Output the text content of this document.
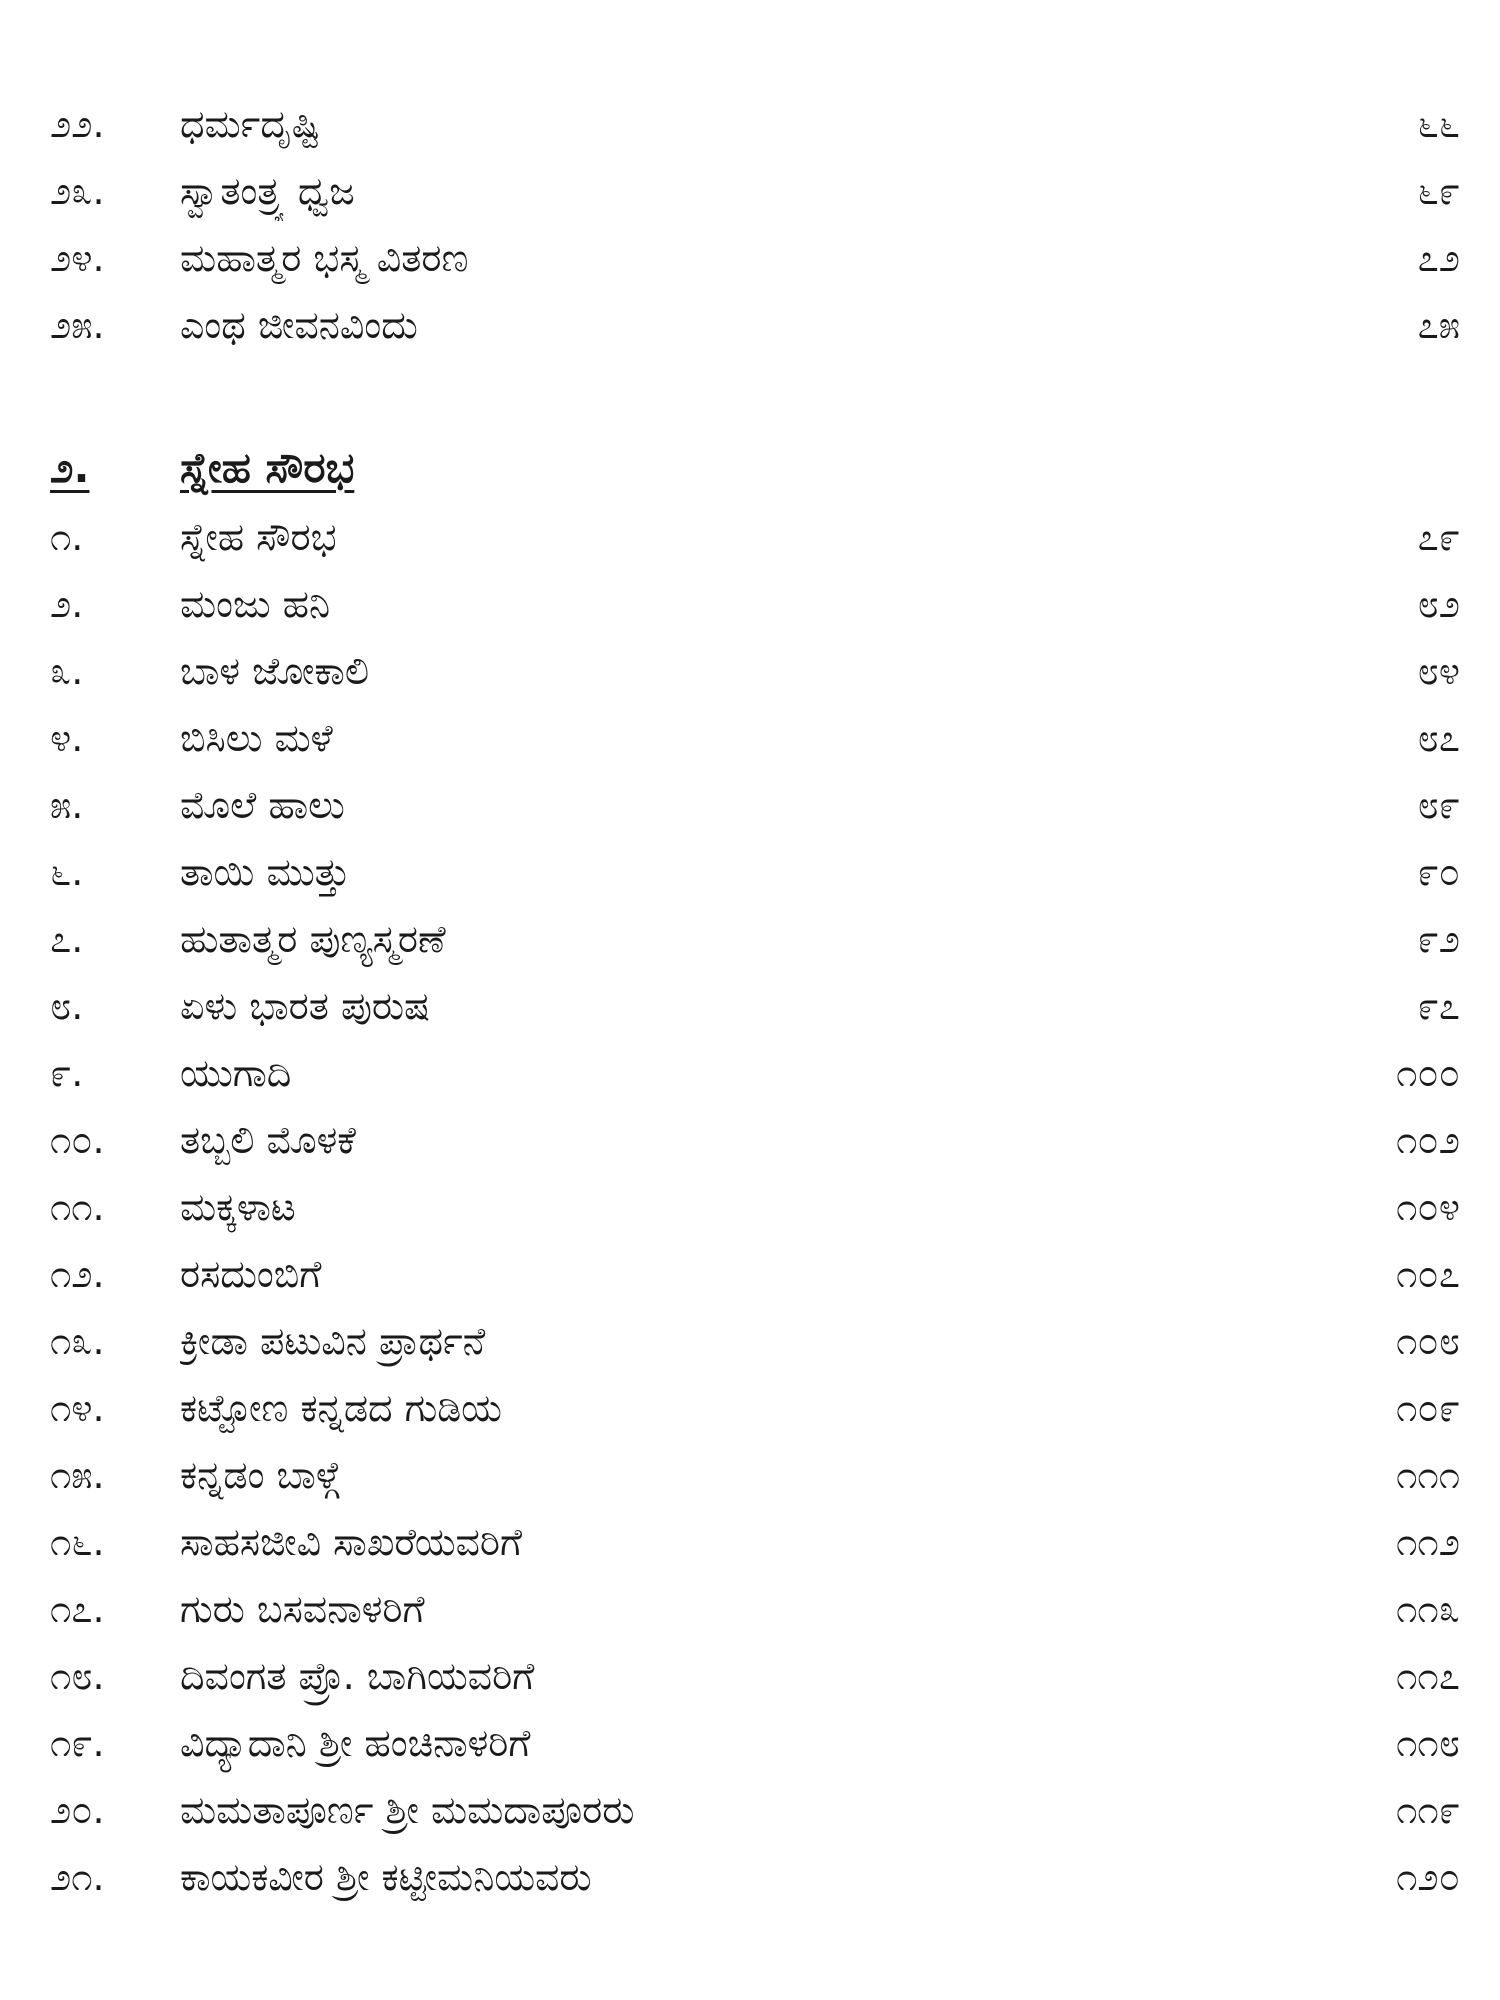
೨೨.	ಧರ್ಮದೃಷ್ಟಿ	೬೬
೨೩.	ಸ್ವಾತಂತ್ರ್ಯ ಧ್ವಜ	೬೯
೨೪.	ಮಹಾತ್ಮರ ಭಸ್ಮ ವಿತರಣ	೭೨
೨೫.	ಎಂಥ ಜೀವನವಿಂದು	೭೫
೨.	ಸ್ನೇಹ ಸೌರಭ
೧.	ಸ್ನೇಹ ಸೌರಭ	೭೯
೨.	ಮಂಜು ಹನಿ	೮೨
೩.	ಬಾಳ ಜೋಕಾಲಿ	೮೪
೪.	ಬಿಸಿಲು ಮಳೆ	೮೭
೫.	ಮೊಲೆ ಹಾಲು	೮೯
೬.	ತಾಯಿ ಮುತ್ತು	೯೦
೭.	ಹುತಾತ್ಮರ ಪುಣ್ಯಸ್ಮರಣೆ	೯೨
೮.	ಏಳು ಭಾರತ ಪುರುಷ	೯೭
೯.	ಯುಗಾದಿ	೧೦೦
೧೦.	ತಬ್ಬಲಿ ಮೊಳಕೆ	೧೦೨
೧೧.	ಮಕ್ಕಳಾಟ	೧೦೪
೧೨.	ರಸದುಂಬಿಗೆ	೧೦೭
೧೩.	ಕ್ರೀಡಾ ಪಟುವಿನ ಪ್ರಾರ್ಥನೆ	೧೦೮
೧೪.	ಕಟ್ಟೋಣ ಕನ್ನಡದ ಗುಡಿಯ	೧೦೯
೧೫.	ಕನ್ನಡಂ ಬಾಳ್ಗೆ	೧೧೧
೧೬.	ಸಾಹಸಜೀವಿ ಸಾಖರೆಯವರಿಗೆ	೧೧೨
೧೭.	ಗುರು ಬಸವನಾಳರಿಗೆ	೧೧೩
೧೮.	ದಿವಂಗತ ಪ್ರೊ. ಬಾಗಿಯವರಿಗೆ	೧೧೭
೧೯.	ವಿದ್ಯಾದಾನಿ ಶ್ರೀ ಹಂಚಿನಾಳರಿಗೆ	೧೧೮
೨೦.	ಮಮತಾಪೂರ್ಣ ಶ್ರೀ ಮಮದಾಪೂರರು	೧೧೯
೨೧.	ಕಾಯಕವೀರ ಶ್ರೀ ಕಟ್ಟೀಮನಿಯವರು	೧೨೦
